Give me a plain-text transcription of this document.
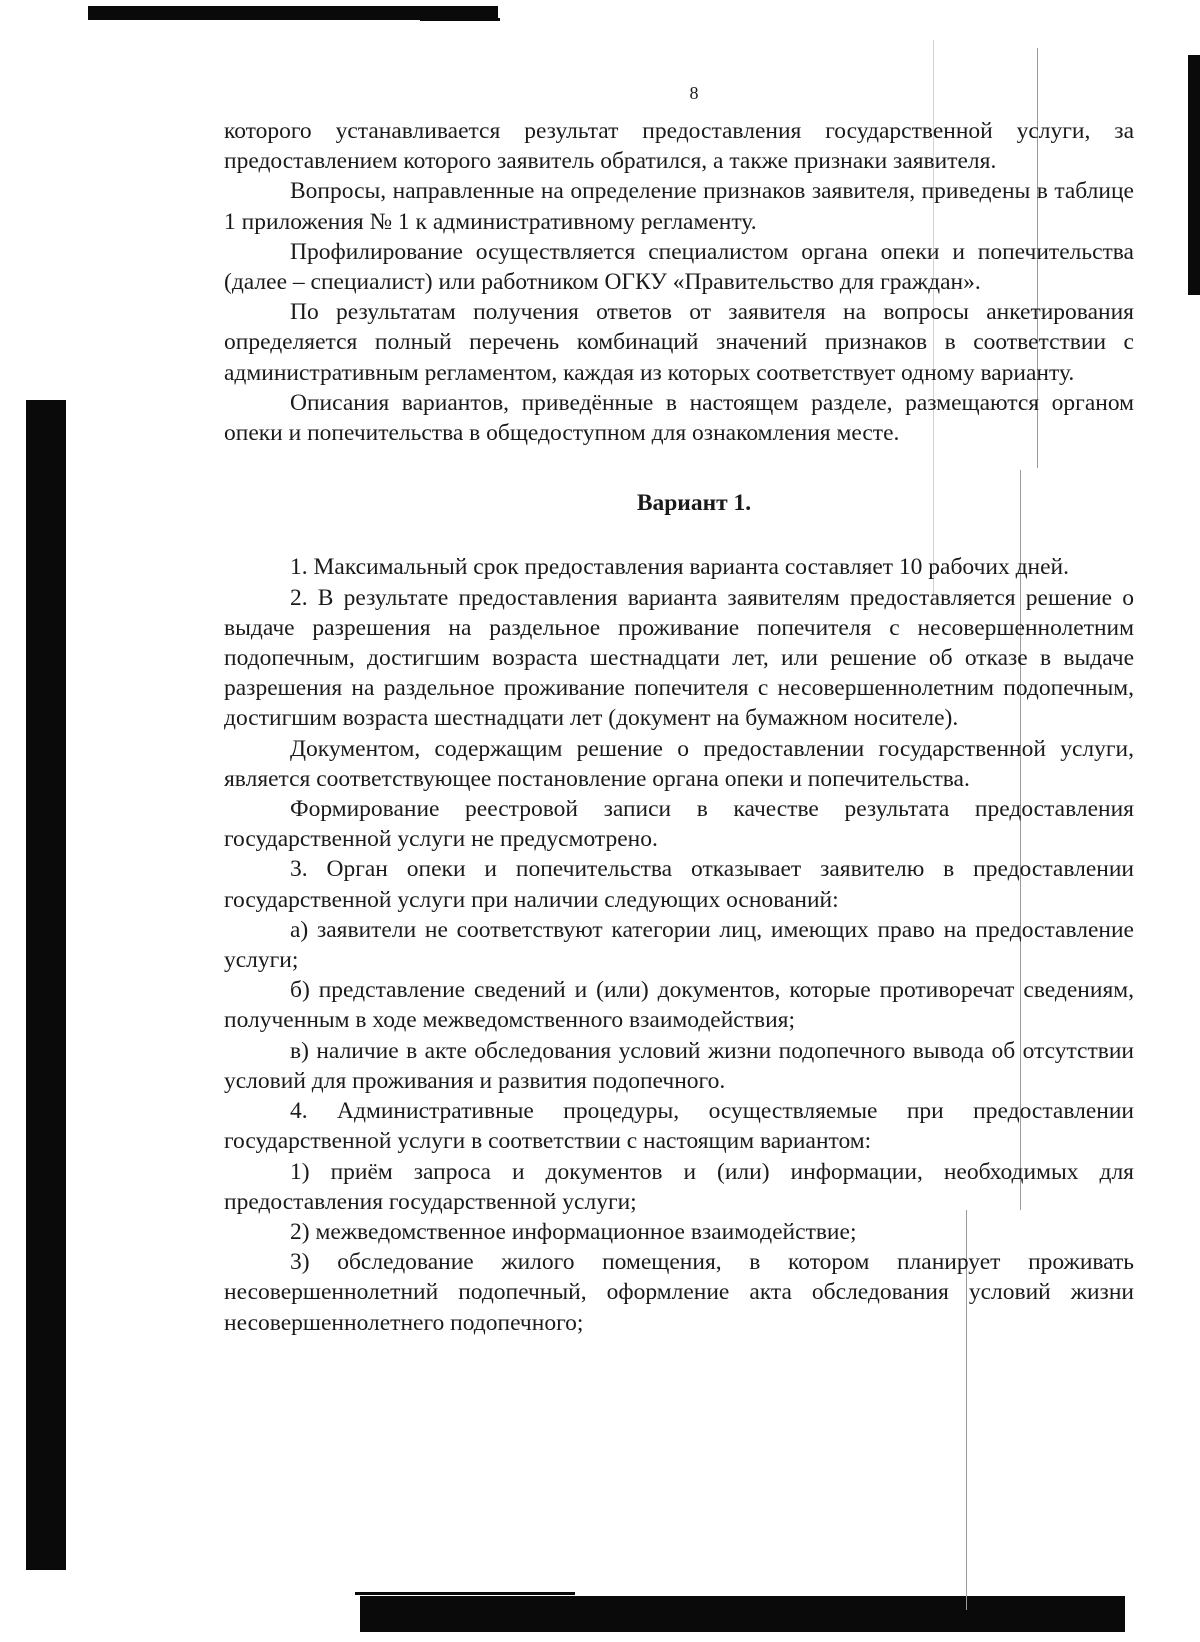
8

которого устанавливается результат предоставления государственной услуги, за предоставлением которого заявитель обратился, а также признаки заявителя.

Вопросы, направленные на определение признаков заявителя, приведены в таблице 1 приложения № 1 к административному регламенту.

Профилирование осуществляется специалистом органа опеки и попечительства (далее – специалист) или работником ОГКУ «Правительство для граждан».

По результатам получения ответов от заявителя на вопросы анкетирования определяется полный перечень комбинаций значений признаков в соответствии с административным регламентом, каждая из которых соответствует одному варианту.

Описания вариантов, приведённые в настоящем разделе, размещаются органом опеки и попечительства в общедоступном для ознакомления месте.

Вариант 1.

1. Максимальный срок предоставления варианта составляет 10 рабочих дней.

2. В результате предоставления варианта заявителям предоставляется решение о выдаче разрешения на раздельное проживание попечителя с несовершеннолетним подопечным, достигшим возраста шестнадцати лет, или решение об отказе в выдаче разрешения на раздельное проживание попечителя с несовершеннолетним подопечным, достигшим возраста шестнадцати лет (документ на бумажном носителе).

Документом, содержащим решение о предоставлении государственной услуги, является соответствующее постановление органа опеки и попечительства.

Формирование реестровой записи в качестве результата предоставления государственной услуги не предусмотрено.

3. Орган опеки и попечительства отказывает заявителю в предоставлении государственной услуги при наличии следующих оснований:

а) заявители не соответствуют категории лиц, имеющих право на предоставление услуги;

б) представление сведений и (или) документов, которые противоречат сведениям, полученным в ходе межведомственного взаимодействия;

в) наличие в акте обследования условий жизни подопечного вывода об отсутствии условий для проживания и развития подопечного.

4. Административные процедуры, осуществляемые при предоставлении государственной услуги в соответствии с настоящим вариантом:

1) приём запроса и документов и (или) информации, необходимых для предоставления государственной услуги;

2) межведомственное информационное взаимодействие;

3) обследование жилого помещения, в котором планирует проживать несовершеннолетний подопечный, оформление акта обследования условий жизни несовершеннолетнего подопечного;
